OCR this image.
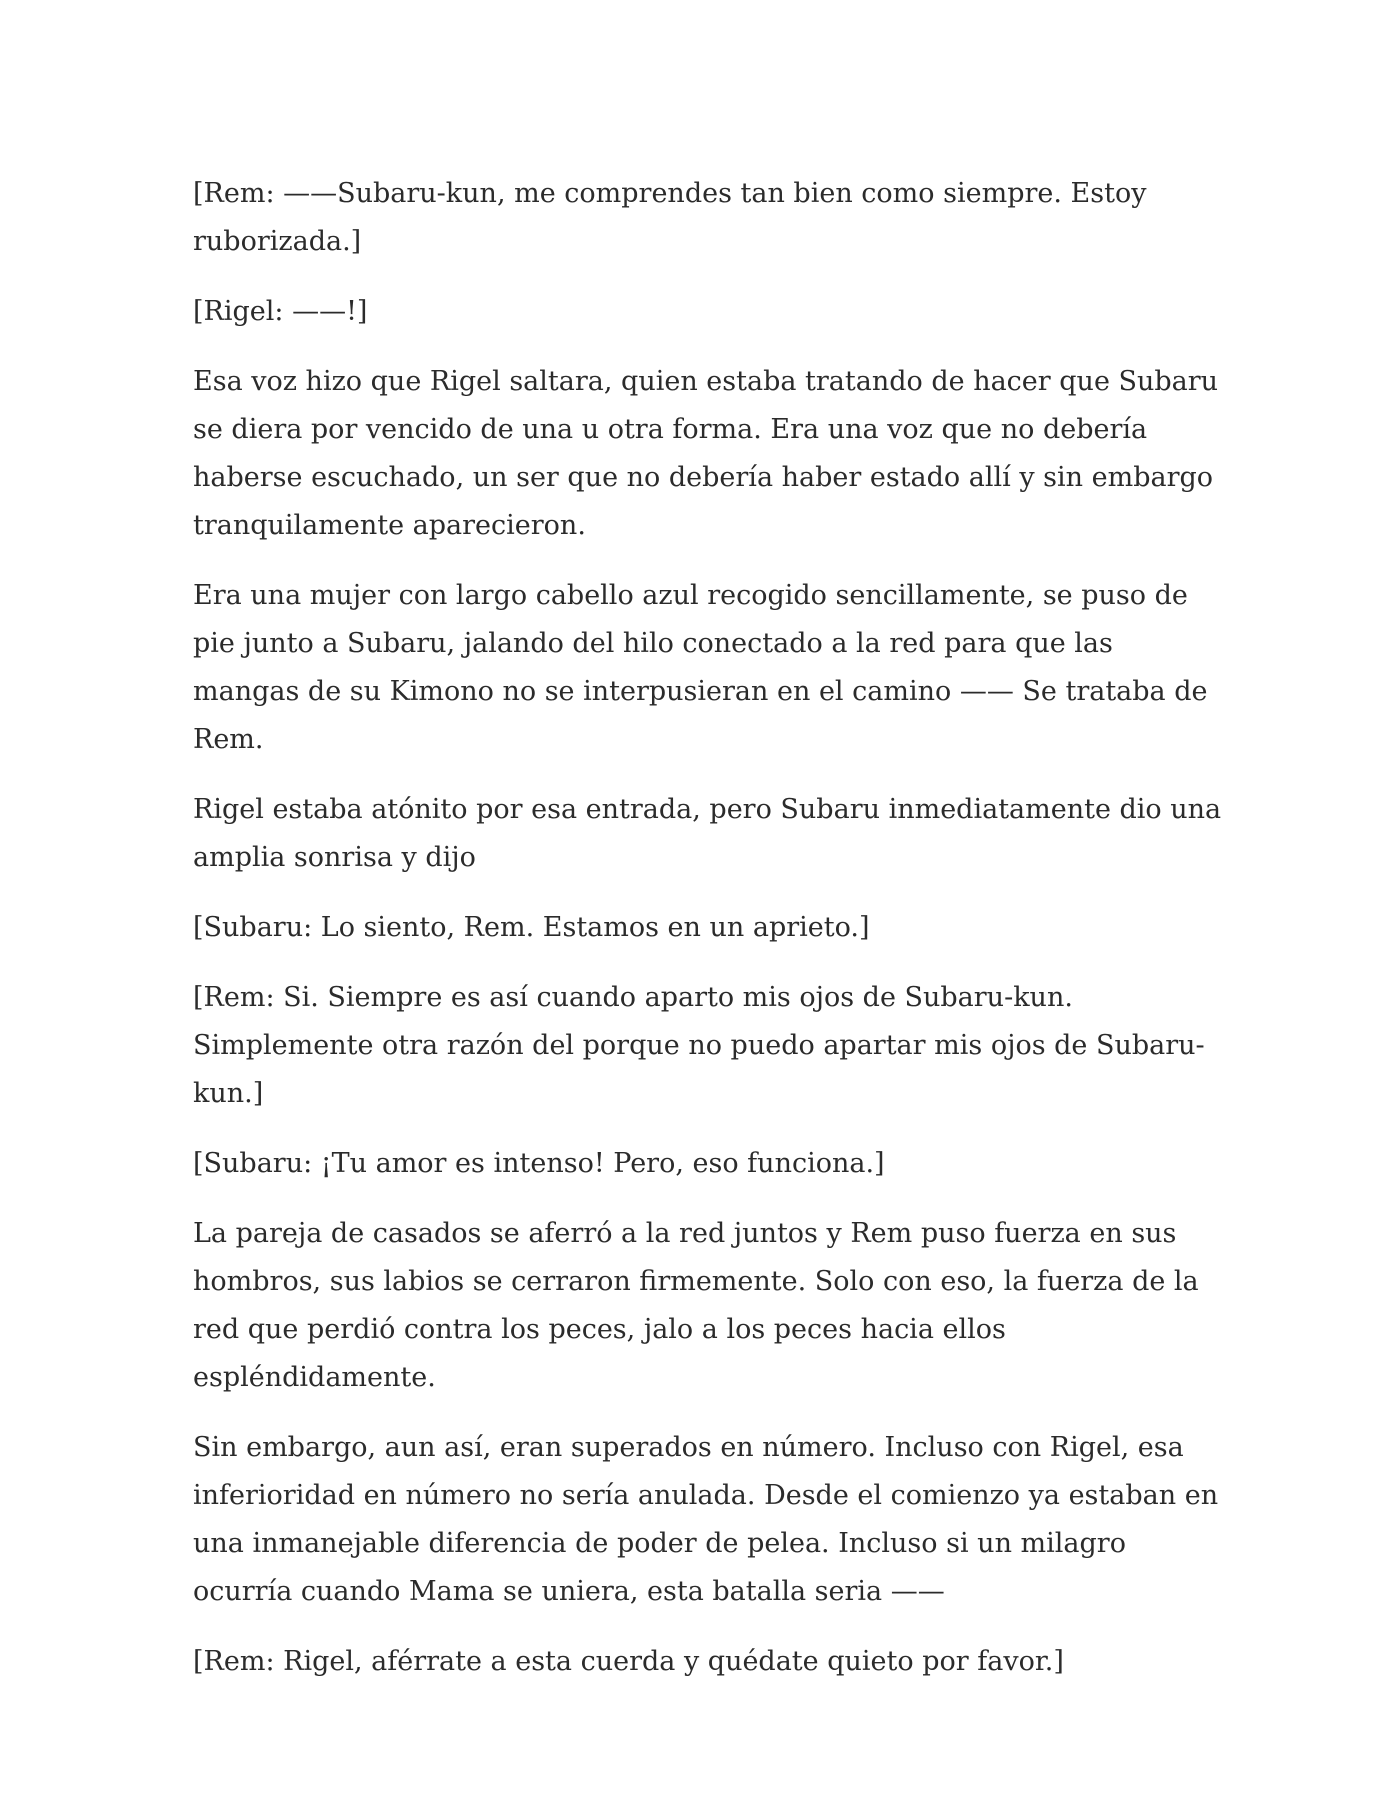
[Rem: ——Subaru-kun, me comprendes tan bien como siempre. Estoy ruborizada.]

[Rigel: ——!]

Esa voz hizo que Rigel saltara, quien estaba tratando de hacer que Subaru se diera por vencido de una u otra forma. Era una voz que no debería haberse escuchado, un ser que no debería haber estado allí y sin embargo tranquilamente aparecieron.

Era una mujer con largo cabello azul recogido sencillamente, se puso de pie junto a Subaru, jalando del hilo conectado a la red para que las mangas de su Kimono no se interpusieran en el camino —— Se trataba de Rem.

Rigel estaba atónito por esa entrada, pero Subaru inmediatamente dio una amplia sonrisa y dijo

[Subaru: Lo siento, Rem. Estamos en un aprieto.]

[Rem: Si. Siempre es así cuando aparto mis ojos de Subaru-kun. Simplemente otra razón del porque no puedo apartar mis ojos de Subaru-kun.]

[Subaru: ¡Tu amor es intenso! Pero, eso funciona.]

La pareja de casados se aferró a la red juntos y Rem puso fuerza en sus hombros, sus labios se cerraron firmemente. Solo con eso, la fuerza de la red que perdió contra los peces, jalo a los peces hacia ellos espléndidamente.

Sin embargo, aun así, eran superados en número. Incluso con Rigel, esa inferioridad en número no sería anulada. Desde el comienzo ya estaban en una inmanejable diferencia de poder de pelea. Incluso si un milagro ocurría cuando Mama se uniera, esta batalla seria ——

[Rem: Rigel, aférrate a esta cuerda y quédate quieto por favor.]
